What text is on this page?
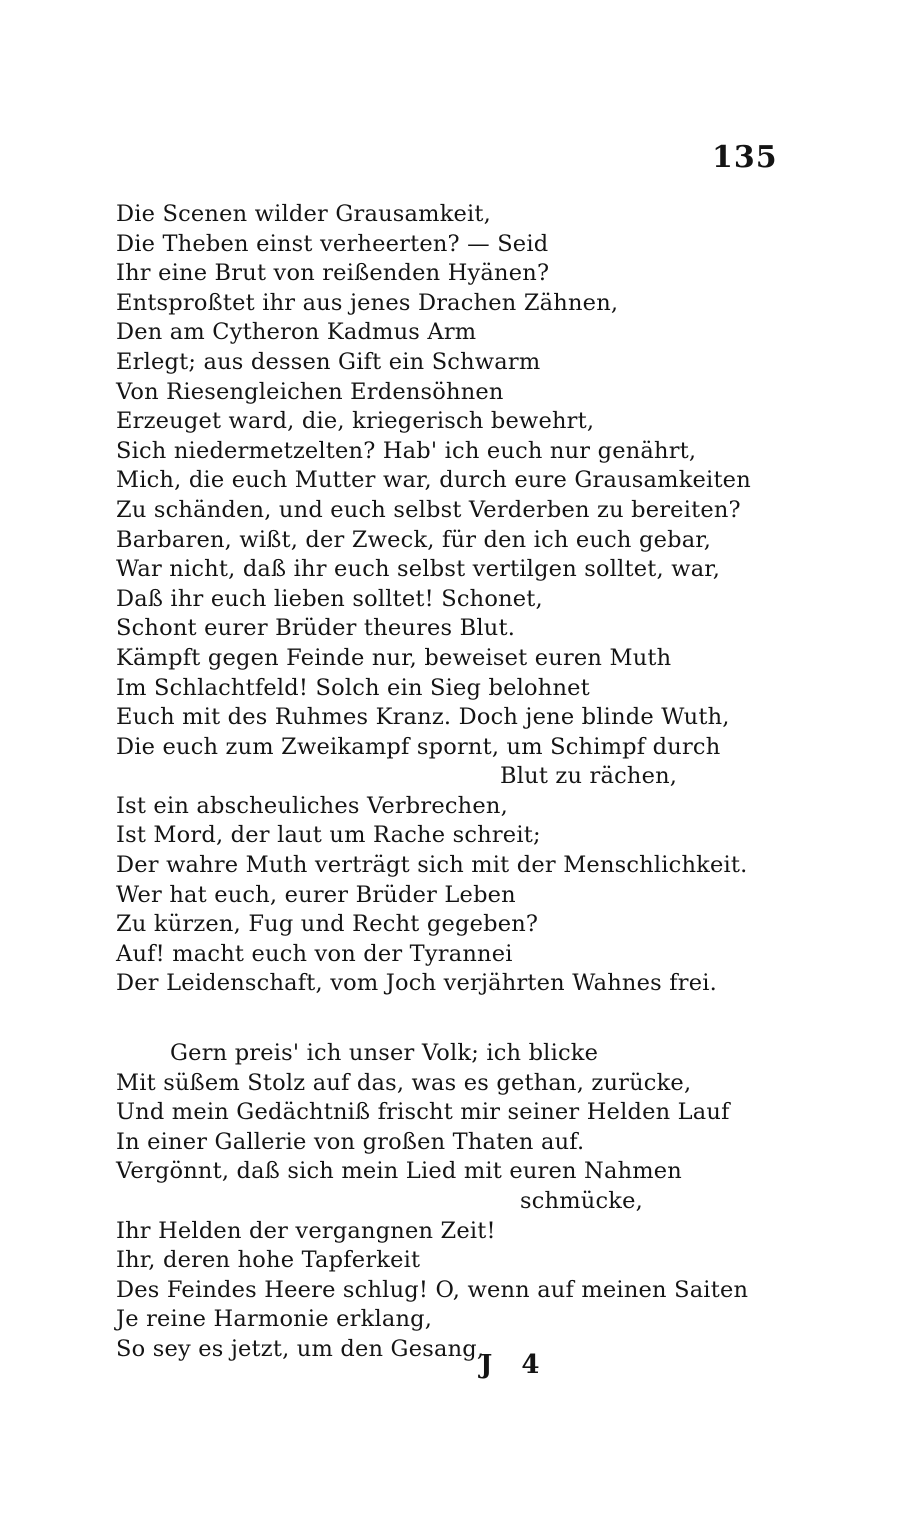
135
Die Scenen wilder Grausamkeit,
Die Theben einst verheerten? — Seid
Ihr eine Brut von reißenden Hyänen?
Entsproßtet ihr aus jenes Drachen Zähnen,
Den am Cytheron Kadmus Arm
Erlegt; aus dessen Gift ein Schwarm
Von Riesengleichen Erdensöhnen
Erzeuget ward, die, kriegerisch bewehrt,
Sich niedermetzelten? Hab' ich euch nur genährt,
Mich, die euch Mutter war, durch eure Grausamkeiten
Zu schänden, und euch selbst Verderben zu bereiten?
Barbaren, wißt, der Zweck, für den ich euch gebar,
War nicht, daß ihr euch selbst vertilgen solltet, war,
Daß ihr euch lieben solltet! Schonet,
Schont eurer Brüder theures Blut.
Kämpft gegen Feinde nur, beweiset euren Muth
Im Schlachtfeld! Solch ein Sieg belohnet
Euch mit des Ruhmes Kranz. Doch jene blinde Wuth,
Die euch zum Zweikampf spornt, um Schimpf durch
Blut zu rächen,
Ist ein abscheuliches Verbrechen,
Ist Mord, der laut um Rache schreit;
Der wahre Muth verträgt sich mit der Menschlichkeit.
Wer hat euch, eurer Brüder Leben
Zu kürzen, Fug und Recht gegeben?
Auf! macht euch von der Tyrannei
Der Leidenschaft, vom Joch verjährten Wahnes frei.
Gern preis' ich unser Volk; ich blicke
Mit süßem Stolz auf das, was es gethan, zurücke,
Und mein Gedächtniß frischt mir seiner Helden Lauf
In einer Gallerie von großen Thaten auf.
Vergönnt, daß sich mein Lied mit euren Nahmen
schmücke,
Ihr Helden der vergangnen Zeit!
Ihr, deren hohe Tapferkeit
Des Feindes Heere schlug! O, wenn auf meinen Saiten
Je reine Harmonie erklang,
So sey es jetzt, um den Gesang,
J 4
